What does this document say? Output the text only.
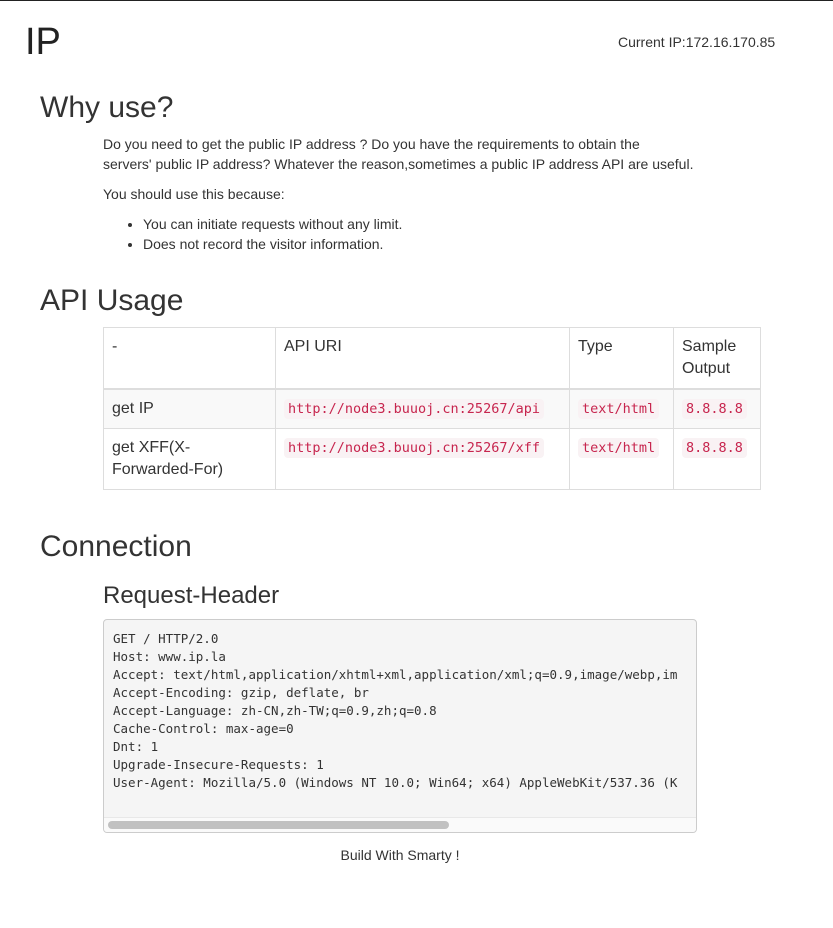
IP	Current IP:172.16.170.85
Why use?

Do you need to get the public IP address ? Do you have the requirements to obtain the
servers' public IP address? Whatever the reason,sometimes a public IP address API are useful.

You should use this because:

• You can initiate requests without any limit.
• Does not record the visitor information.
API Usage
-	API URI	Type	Sample Output
get IP	http://node3.buuoj.cn:25267/api	text/html	8.8.8.8
get XFF(X-Forwarded-For)	http://node3.buuoj.cn:25267/xff	text/html	8.8.8.8
Connection
Request-Header
GET / HTTP/2.0
Host: www.ip.la
Accept: text/html,application/xhtml+xml,application/xml;q=0.9,image/webp,im
Accept-Encoding: gzip, deflate, br
Accept-Language: zh-CN,zh-TW;q=0.9,zh;q=0.8
Cache-Control: max-age=0
Dnt: 1
Upgrade-Insecure-Requests: 1
User-Agent: Mozilla/5.0 (Windows NT 10.0; Win64; x64) AppleWebKit/537.36 (K
Build With Smarty !
